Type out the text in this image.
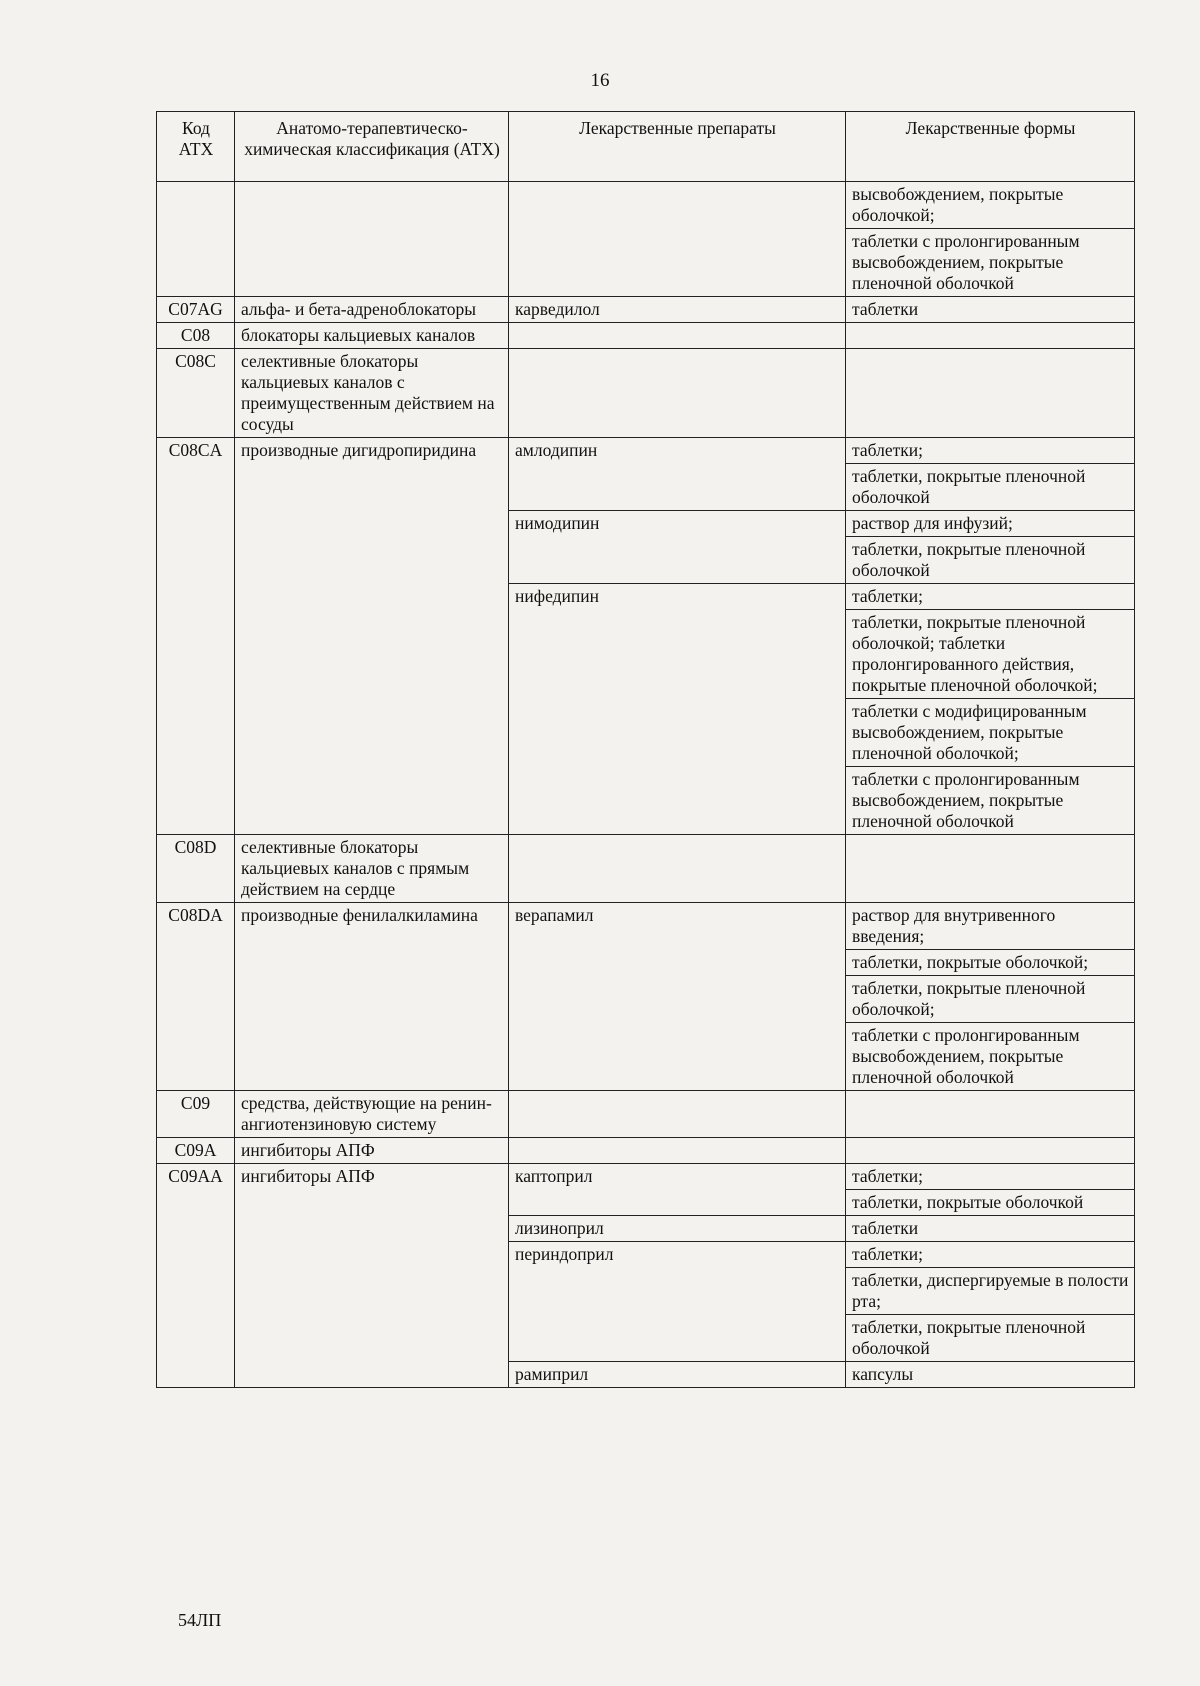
16
Код АТХ	Анатомо-терапевтическо-химическая классификация (АТХ)	Лекарственные препараты	Лекарственные формы

			высвобождением, покрытые оболочкой;
таблетки с пролонгированным высвобождением, покрытые пленочной оболочкой

C07AG	альфа- и бета-адреноблокаторы	карведилол	таблетки

C08	блокаторы кальциевых каналов		
C08C	селективные блокаторы кальциевых каналов с преимущественным действием на сосуды		
C08CA	производные дигидропиридина	амлодипин	таблетки;
таблетки, покрытые пленочной оболочкой

		нимодипин	раствор для инфузий;
таблетки, покрытые пленочной оболочкой

		нифедипин	таблетки;
таблетки, покрытые пленочной оболочкой; таблетки пролонгированного действия, покрытые пленочной оболочкой;
таблетки с модифицированным высвобождением, покрытые пленочной оболочкой;
таблетки с пролонгированным высвобождением, покрытые пленочной оболочкой

C08D	селективные блокаторы кальциевых каналов с прямым действием на сердце		
C08DA	производные фенилалкиламина	верапамил	раствор для внутривенного введения;
таблетки, покрытые оболочкой;
таблетки, покрытые пленочной оболочкой;
таблетки с пролонгированным высвобождением, покрытые пленочной оболочкой

C09	средства, действующие на ренин-ангиотензиновую систему		
C09A	ингибиторы АПФ		
C09AA	ингибиторы АПФ	каптоприл	таблетки;
таблетки, покрытые оболочкой

		лизиноприл	таблетки

		периндоприл	таблетки;
таблетки, диспергируемые в полости рта;
таблетки, покрытые пленочной оболочкой

		рамиприл	капсулы
54ЛП
